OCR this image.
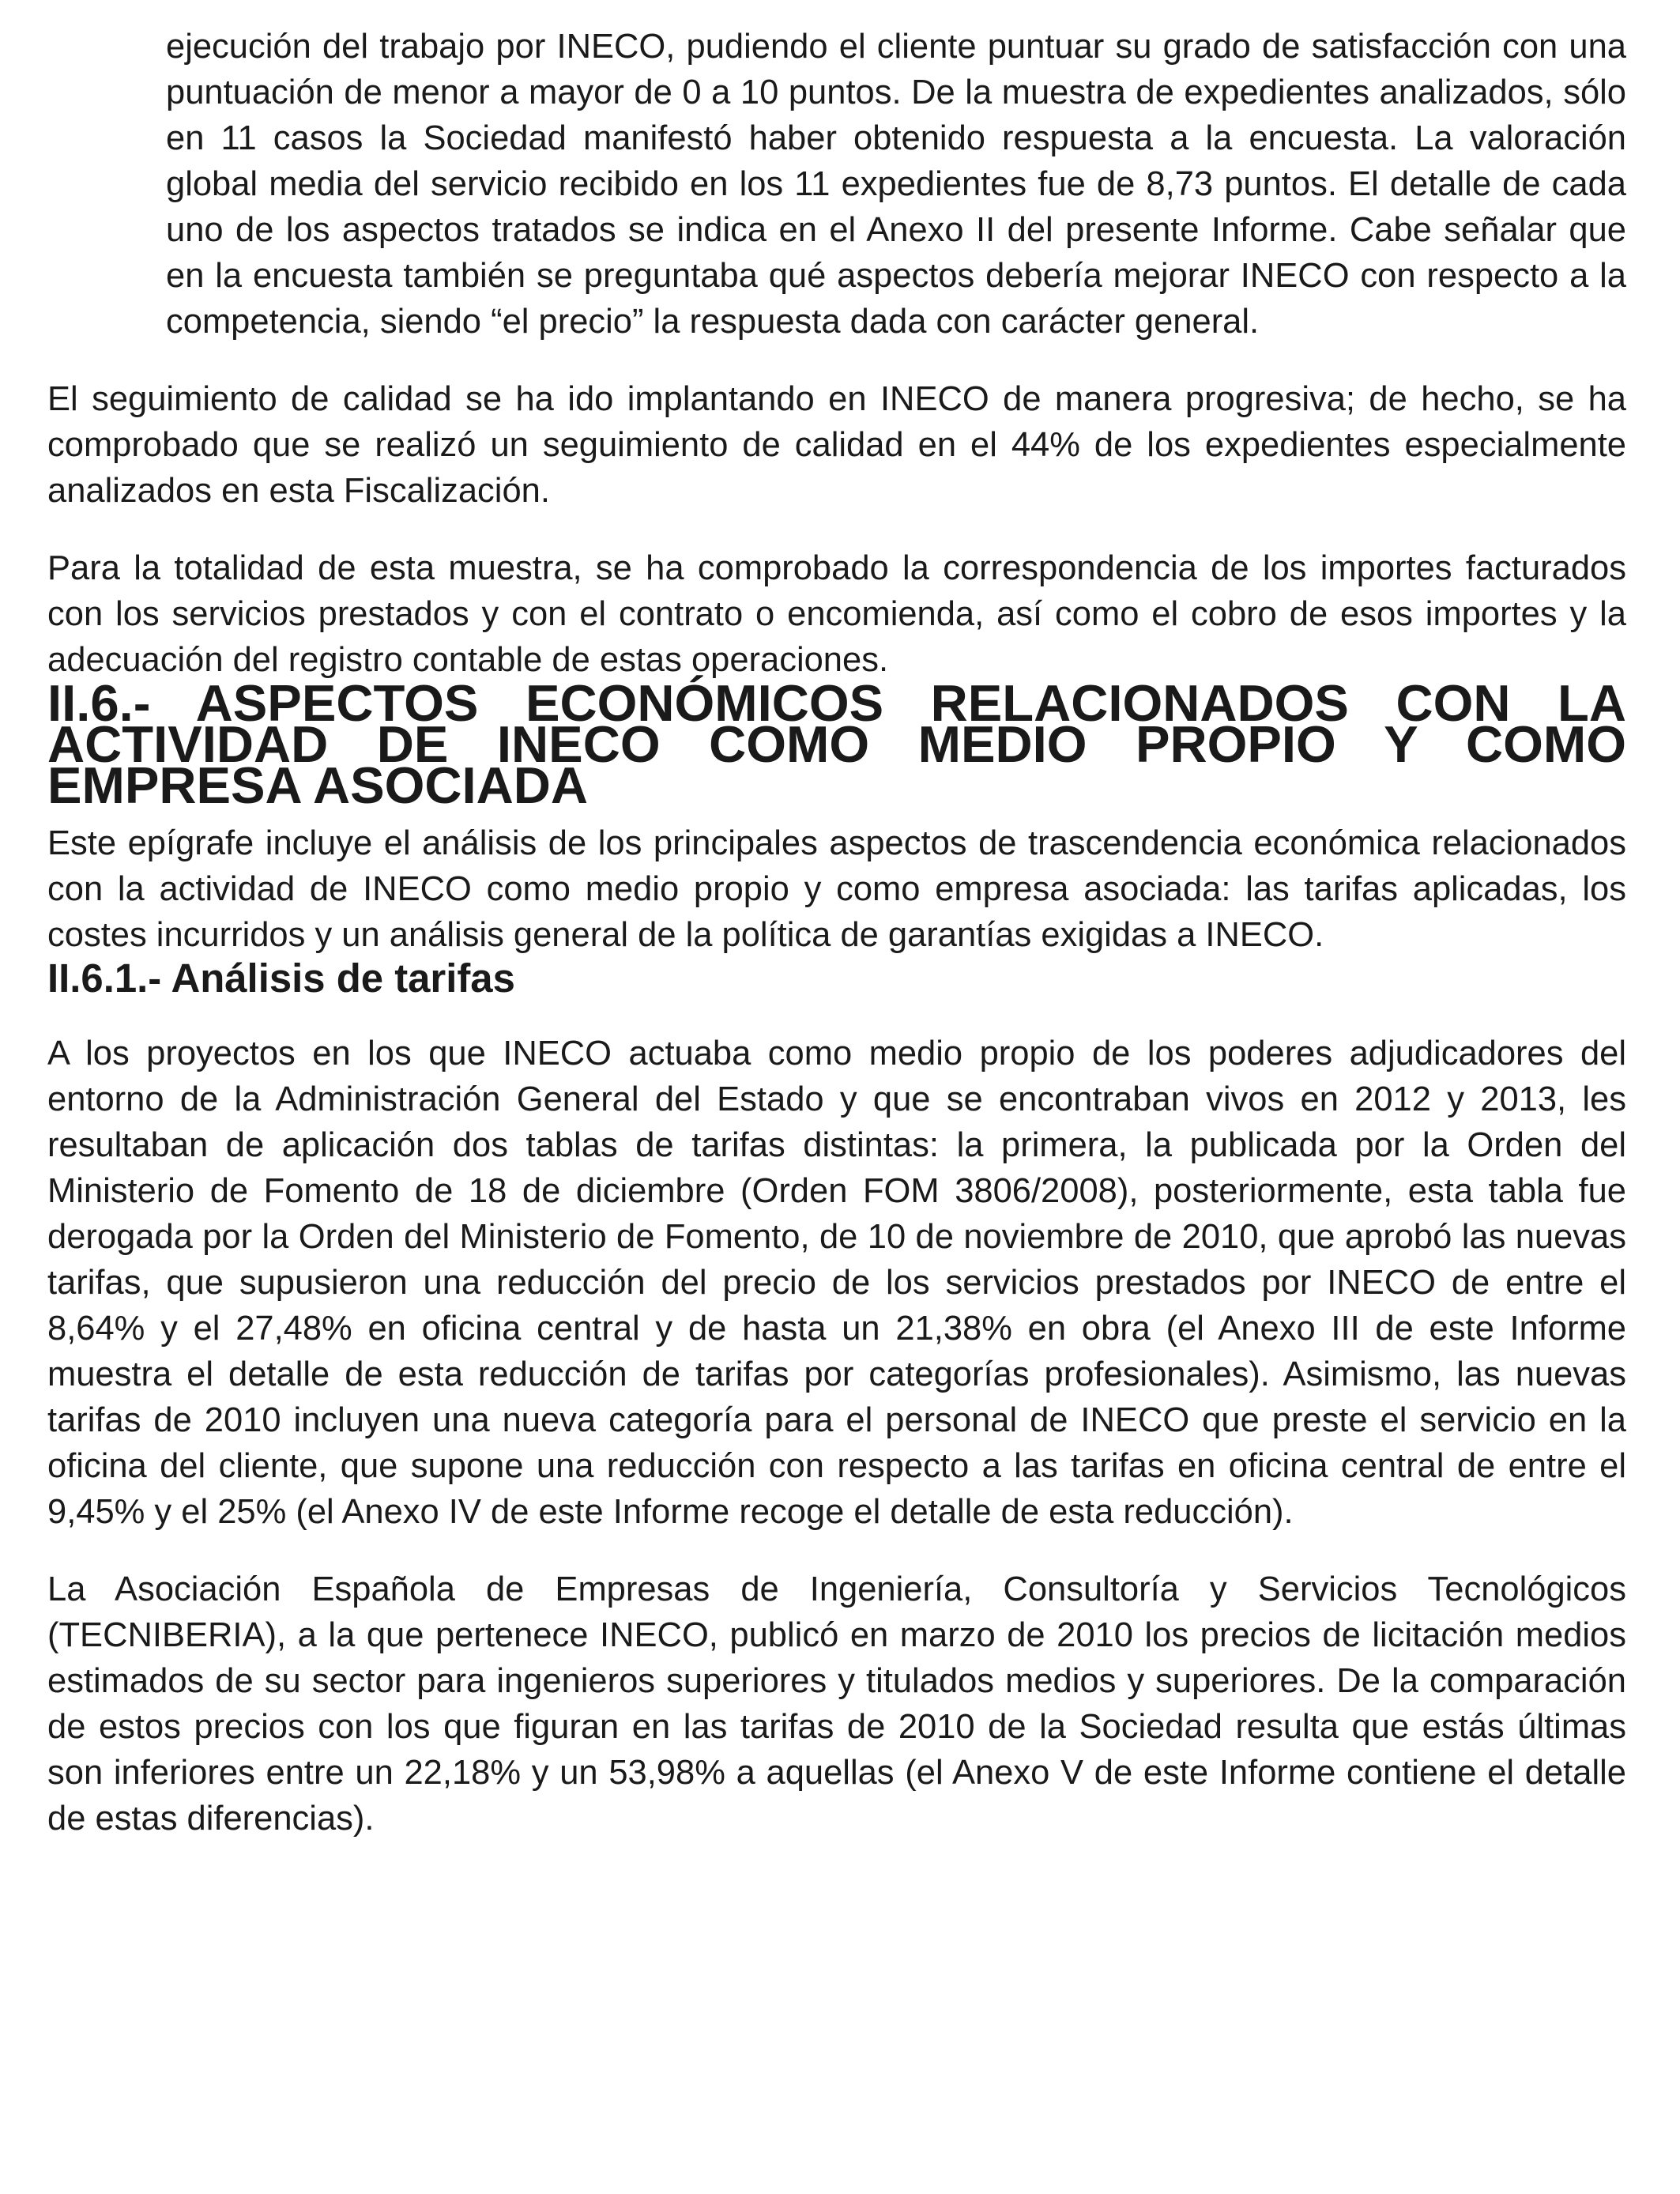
ejecución del trabajo por INECO, pudiendo el cliente puntuar su grado de satisfacción con una puntuación de menor a mayor de 0 a 10 puntos. De la muestra de expedientes analizados, sólo en 11 casos la Sociedad manifestó haber obtenido respuesta a la encuesta. La valoración global media del servicio recibido en los 11 expedientes fue de 8,73 puntos. El detalle de cada uno de los aspectos tratados se indica en el Anexo II del presente Informe. Cabe señalar que en la encuesta también se preguntaba qué aspectos debería mejorar INECO con respecto a la competencia, siendo “el precio” la respuesta dada con carácter general.

El seguimiento de calidad se ha ido implantando en INECO de manera progresiva; de hecho, se ha comprobado que se realizó un seguimiento de calidad en el 44% de los expedientes especialmente analizados en esta Fiscalización.

Para la totalidad de esta muestra, se ha comprobado la correspondencia de los importes facturados con los servicios prestados y con el contrato o encomienda, así como el cobro de esos importes y la adecuación del registro contable de estas operaciones.

II.6.- ASPECTOS ECONÓMICOS RELACIONADOS CON LA ACTIVIDAD DE INECO COMO MEDIO PROPIO Y COMO EMPRESA ASOCIADA

Este epígrafe incluye el análisis de los principales aspectos de trascendencia económica relacionados con la actividad de INECO como medio propio y como empresa asociada: las tarifas aplicadas, los costes incurridos y un análisis general de la política de garantías exigidas a INECO.

II.6.1.- Análisis de tarifas

A los proyectos en los que INECO actuaba como medio propio de los poderes adjudicadores del entorno de la Administración General del Estado y que se encontraban vivos en 2012 y 2013, les resultaban de aplicación dos tablas de tarifas distintas: la primera, la publicada por la Orden del Ministerio de Fomento de 18 de diciembre (Orden FOM 3806/2008), posteriormente, esta tabla fue derogada por la Orden del Ministerio de Fomento, de 10 de noviembre de 2010, que aprobó las nuevas tarifas, que supusieron una reducción del precio de los servicios prestados por INECO de entre el 8,64% y el 27,48% en oficina central y de hasta un 21,38% en obra (el Anexo III de este Informe muestra el detalle de esta reducción de tarifas por categorías profesionales). Asimismo, las nuevas tarifas de 2010 incluyen una nueva categoría para el personal de INECO que preste el servicio en la oficina del cliente, que supone una reducción con respecto a las tarifas en oficina central de entre el 9,45% y el 25% (el Anexo IV de este Informe recoge el detalle de esta reducción).

La Asociación Española de Empresas de Ingeniería, Consultoría y Servicios Tecnológicos (TECNIBERIA), a la que pertenece INECO, publicó en marzo de 2010 los precios de licitación medios estimados de su sector para ingenieros superiores y titulados medios y superiores. De la comparación de estos precios con los que figuran en las tarifas de 2010 de la Sociedad resulta que estás últimas son inferiores entre un 22,18% y un 53,98% a aquellas (el Anexo V de este Informe contiene el detalle de estas diferencias).
